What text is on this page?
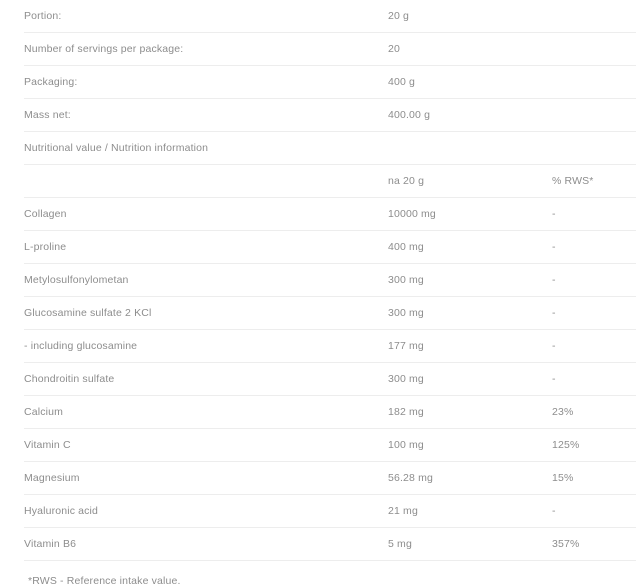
Portion:	20 g	
Number of servings per package:	20	
Packaging:	400 g	
Mass net:	400.00 g	
Nutritional value / Nutrition information		
	na 20 g	% RWS*
Collagen	10000 mg	-
L-proline	400 mg	-
Metylosulfonylometan	300 mg	-
Glucosamine sulfate 2 KCl	300 mg	-
- including glucosamine	177 mg	-
Chondroitin sulfate	300 mg	-
Calcium	182 mg	23%
Vitamin C	100 mg	125%
Magnesium	56.28 mg	15%
Hyaluronic acid	21 mg	-
Vitamin B6	5 mg	357%
*RWS - Reference intake value.
